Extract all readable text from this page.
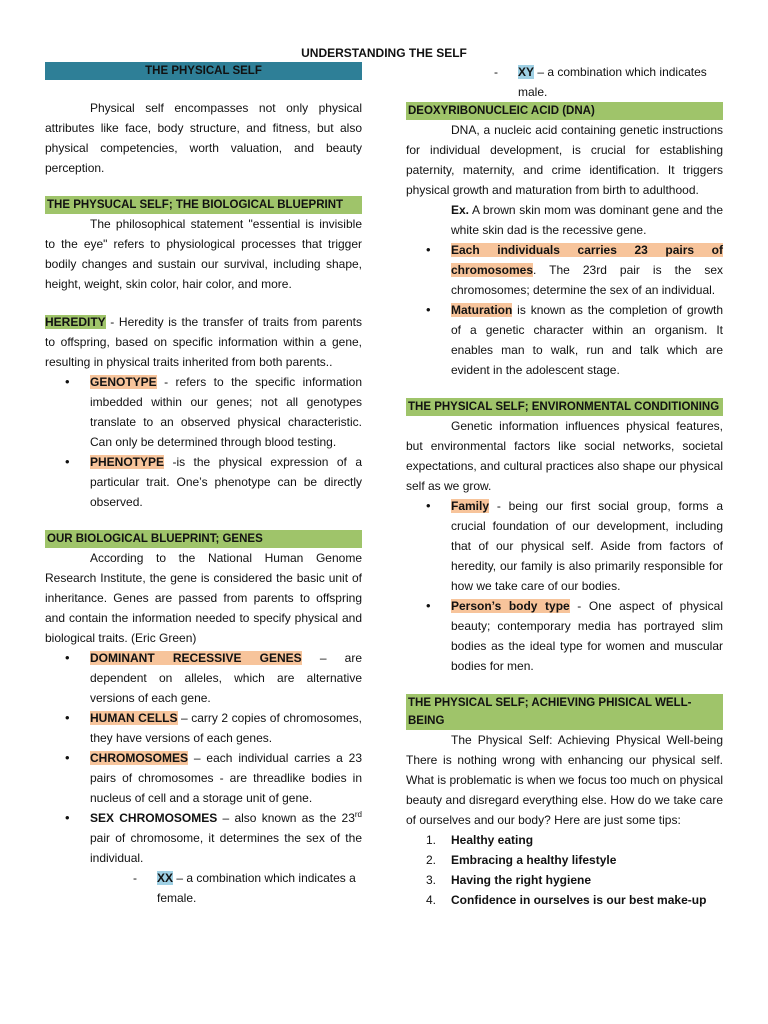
UNDERSTANDING THE SELF
THE PHYSICAL SELF

Physical self encompasses not only physical attributes like face, body structure, and fitness, but also physical competencies, worth valuation, and beauty perception.

THE PHYSUCAL SELF; THE BIOLOGICAL BLUEPRINT

The philosophical statement "essential is invisible to the eye" refers to physiological processes that trigger bodily changes and sustain our survival, including shape, height, weight, skin color, hair color, and more.

HEREDITY - Heredity is the transfer of traits from parents to offspring, based on specific information within a gene, resulting in physical traits inherited from both parents..

• GENOTYPE - refers to the specific information imbedded within our genes; not all genotypes translate to an observed physical characteristic. Can only be determined through blood testing.
• PHENOTYPE -is the physical expression of a particular trait. One’s phenotype can be directly observed.
OUR BIOLOGICAL BLUEPRINT; GENES

According to the National Human Genome Research Institute, the gene is considered the basic unit of inheritance. Genes are passed from parents to offspring and contain the information needed to specify physical and biological traits. (Eric Green)

• DOMINANT RECESSIVE GENES – are dependent on alleles, which are alternative versions of each gene.
• HUMAN CELLS – carry 2 copies of chromosomes, they have versions of each genes.
• CHROMOSOMES – each individual carries a 23 pairs of chromosomes - are threadlike bodies in nucleus of cell and a storage unit of gene.
• SEX CHROMOSOMES – also known as the 23rd pair of chromosome, it determines the sex of the individual.
- XX – a combination which indicates a female.
- XY – a combination which indicates male.
DEOXYRIBONUCLEIC ACID (DNA)

DNA, a nucleic acid containing genetic instructions for individual development, is crucial for establishing paternity, maternity, and crime identification. It triggers physical growth and maturation from birth to adulthood.

Ex. A brown skin mom was dominant gene and the white skin dad is the recessive gene.

• Each individuals carries 23 pairs of chromosomes. The 23rd pair is the sex chromosomes; determine the sex of an individual.
• Maturation is known as the completion of growth of a genetic character within an organism. It enables man to walk, run and talk which are evident in the adolescent stage.
THE PHYSICAL SELF; ENVIRONMENTAL CONDITIONING

Genetic information influences physical features, but environmental factors like social networks, societal expectations, and cultural practices also shape our physical self as we grow.

• Family - being our first social group, forms a crucial foundation of our development, including that of our physical self. Aside from factors of heredity, our family is also primarily responsible for how we take care of our bodies.
• Person’s body type - One aspect of physical beauty; contemporary media has portrayed slim bodies as the ideal type for women and muscular bodies for men.
THE PHYSICAL SELF; ACHIEVING PHISICAL WELL-BEING

The Physical Self: Achieving Physical Well-being There is nothing wrong with enhancing our physical self. What is problematic is when we focus too much on physical beauty and disregard everything else. How do we take care of ourselves and our body? Here are just some tips:

1. Healthy eating
2. Embracing a healthy lifestyle
3. Having the right hygiene
4. Confidence in ourselves is our best make-up
